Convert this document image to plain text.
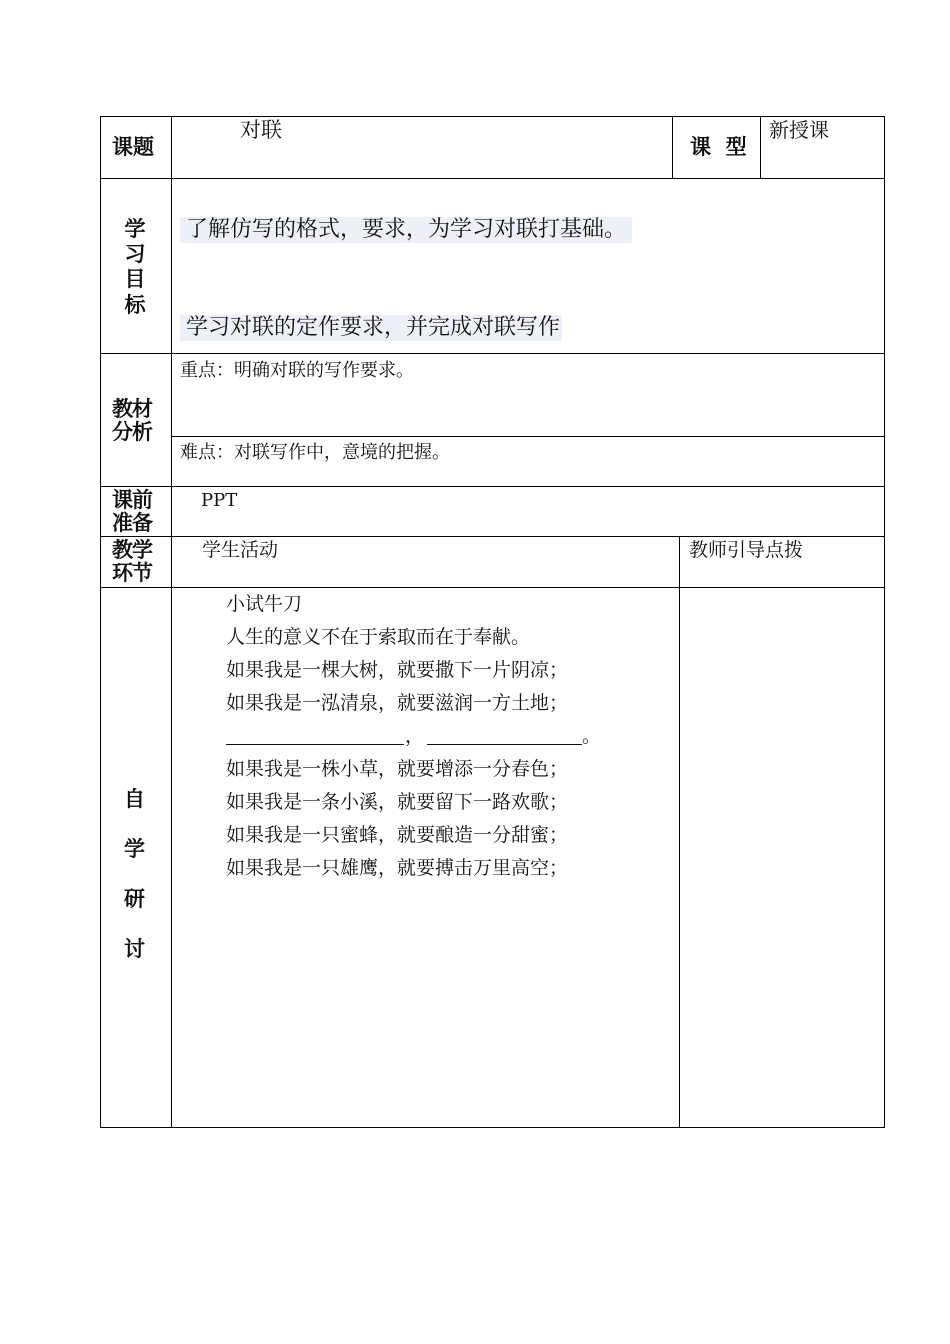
课题
对联
课  型
新授课
学习目标
了解仿写的格式，要求，为学习对联打基础。
学习对联的定作要求，并完成对联写作
教材分析
重点：明确对联的写作要求。
难点：对联写作中，意境的把握。
课前准备
PPT
教学环节
学生活动	教师引导点拨
自
学
研
讨
小试牛刀
人生的意义不在于索取而在于奉献。
如果我是一棵大树，就要撒下一片阴凉；
如果我是一泓清泉，就要滋润一方土地；
，	。
如果我是一株小草，就要增添一分春色；
如果我是一条小溪，就要留下一路欢歌；
如果我是一只蜜蜂，就要酿造一分甜蜜；
如果我是一只雄鹰，就要搏击万里高空；
